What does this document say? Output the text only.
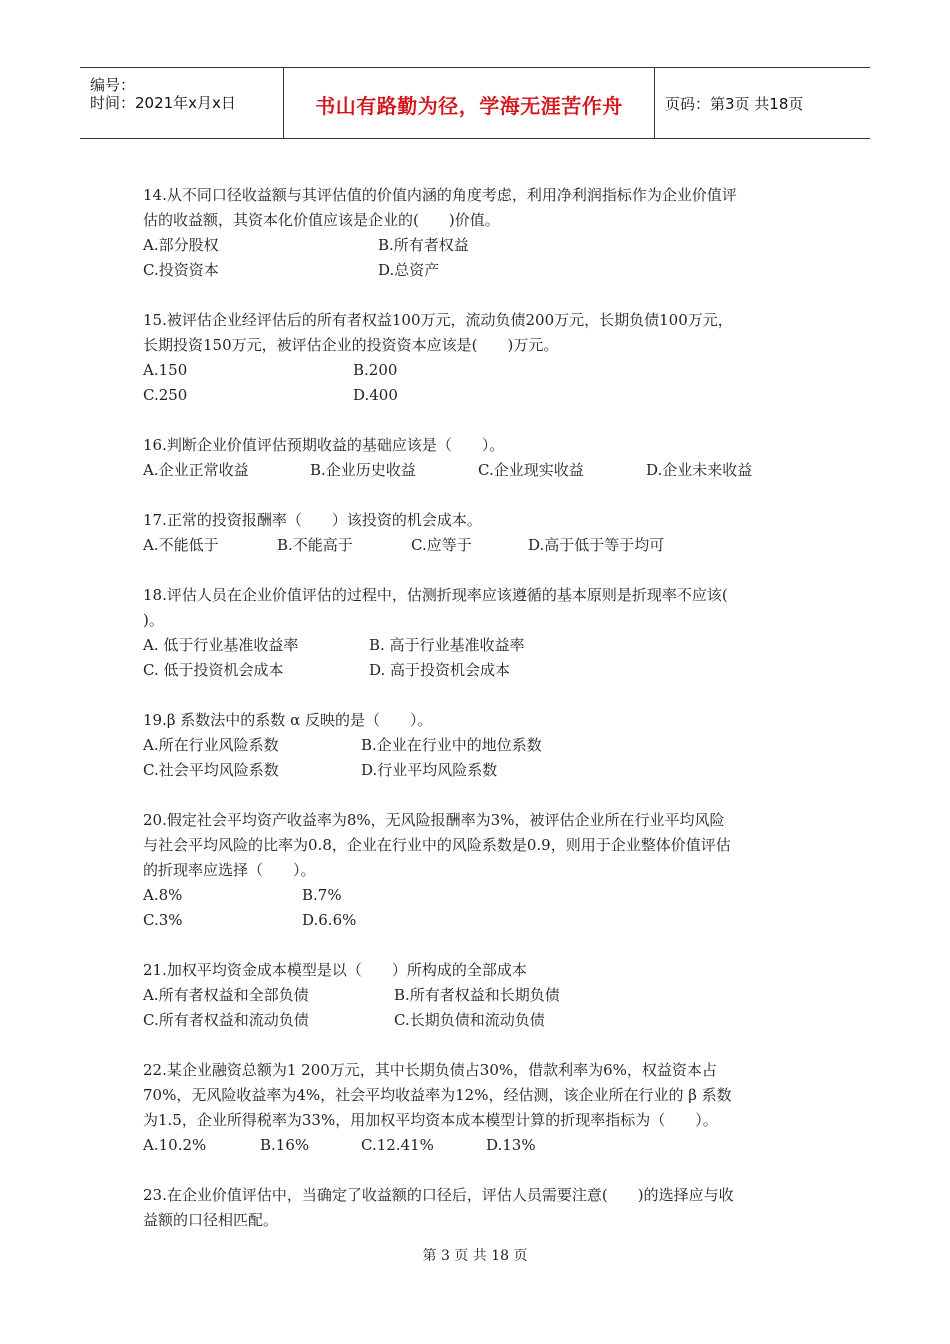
编号：
时间：2021年x月x日	书山有路勤为径，学海无涯苦作舟	页码：第3页 共18页
14.从不同口径收益额与其评估值的价值内涵的角度考虑，利用净利润指标作为企业价值评
估的收益额，其资本化价值应该是企业的(　　)价值。
A.部分股权	B.所有者权益
C.投资资本	D.总资产
15.被评估企业经评估后的所有者权益100万元，流动负债200万元，长期负债100万元，
长期投资150万元，被评估企业的投资资本应该是(　　)万元。
A.150	B.200
C.250	D.400
16.判断企业价值评估预期收益的基础应该是（　　）。
A.企业正常收益	B.企业历史收益	C.企业现实收益	D.企业未来收益
17.正常的投资报酬率（　　）该投资的机会成本。
A.不能低于	B.不能高于	C.应等于	D.高于低于等于均可
18.评估人员在企业价值评估的过程中，估测折现率应该遵循的基本原则是折现率不应该(
)。
A. 低于行业基准收益率	B. 高于行业基准收益率
C. 低于投资机会成本	D. 高于投资机会成本
19.β 系数法中的系数 α 反映的是（　　）。
A.所在行业风险系数	B.企业在行业中的地位系数
C.社会平均风险系数	D.行业平均风险系数
20.假定社会平均资产收益率为8%，无风险报酬率为3%，被评估企业所在行业平均风险
与社会平均风险的比率为0.8，企业在行业中的风险系数是0.9，则用于企业整体价值评估
的折现率应选择（　　）。
A.8%	B.7%
C.3%	D.6.6%
21.加权平均资金成本模型是以（　　）所构成的全部成本
A.所有者权益和全部负债	B.所有者权益和长期负债
C.所有者权益和流动负债	C.长期负债和流动负债
22.某企业融资总额为1 200万元，其中长期负债占30%，借款利率为6%，权益资本占
70%，无风险收益率为4%，社会平均收益率为12%，经估测，该企业所在行业的 β 系数
为1.5，企业所得税率为33%，用加权平均资本成本模型计算的折现率指标为（　　）。
A.10.2%	B.16%	C.12.41%	D.13%
23.在企业价值评估中，当确定了收益额的口径后，评估人员需要注意(　　)的选择应与收
益额的口径相匹配。
第 3 页 共 18 页
